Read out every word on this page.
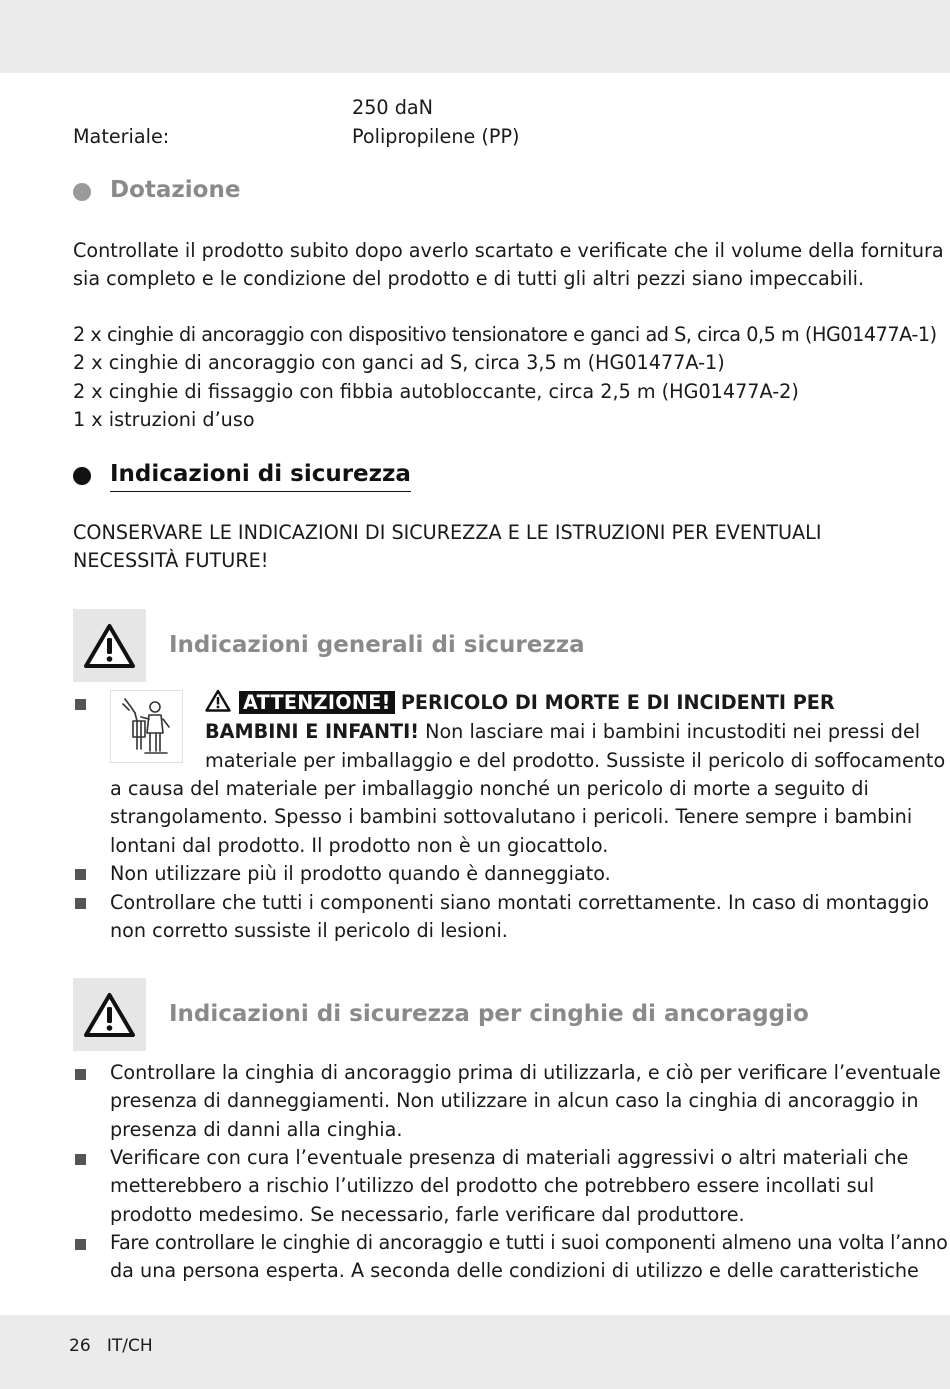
250 daN
Materiale:	Polipropilene (PP)
Dotazione

Controllate il prodotto subito dopo averlo scartato e verificate che il volume della fornitura

sia completo e le condizione del prodotto e di tutti gli altri pezzi siano impeccabili.

2 x cinghie di ancoraggio con dispositivo tensionatore e ganci ad S, circa 0,5 m (HG01477A-1)

2 x cinghie di ancoraggio con ganci ad S, circa 3,5 m (HG01477A-1)

2 x cinghie di fissaggio con fibbia autobloccante, circa 2,5 m (HG01477A-2)

1 x istruzioni d’uso

Indicazioni di sicurezza

CONSERVARE LE INDICAZIONI DI SICUREZZA E LE ISTRUZIONI PER EVENTUALI

NECESSITÀ FUTURE!

Indicazioni generali di sicurezza
ATTENZIONE! PERICOLO DI MORTE E DI INCIDENTI PER
BAMBINI E INFANTI! Non lasciare mai i bambini incustoditi nei pressi del
materiale per imballaggio e del prodotto. Sussiste il pericolo di soffocamento

a causa del materiale per imballaggio nonché un pericolo di morte a seguito di

strangolamento. Spesso i bambini sottovalutano i pericoli. Tenere sempre i bambini

lontani dal prodotto. Il prodotto non è un giocattolo.

Non utilizzare più il prodotto quando è danneggiato.

Controllare che tutti i componenti siano montati correttamente. In caso di montaggio

non corretto sussiste il pericolo di lesioni.

Indicazioni di sicurezza per cinghie di ancoraggio

Controllare la cinghia di ancoraggio prima di utilizzarla, e ciò per verificare l’eventuale

presenza di danneggiamenti. Non utilizzare in alcun caso la cinghia di ancoraggio in

presenza di danni alla cinghia.

Verificare con cura l’eventuale presenza di materiali aggressivi o altri materiali che

metterebbero a rischio l’utilizzo del prodotto che potrebbero essere incollati sul

prodotto medesimo. Se necessario, farle verificare dal produttore.

Fare controllare le cinghie di ancoraggio e tutti i suoi componenti almeno una volta l’anno

da una persona esperta. A seconda delle condizioni di utilizzo e delle caratteristiche

26 IT/CH
